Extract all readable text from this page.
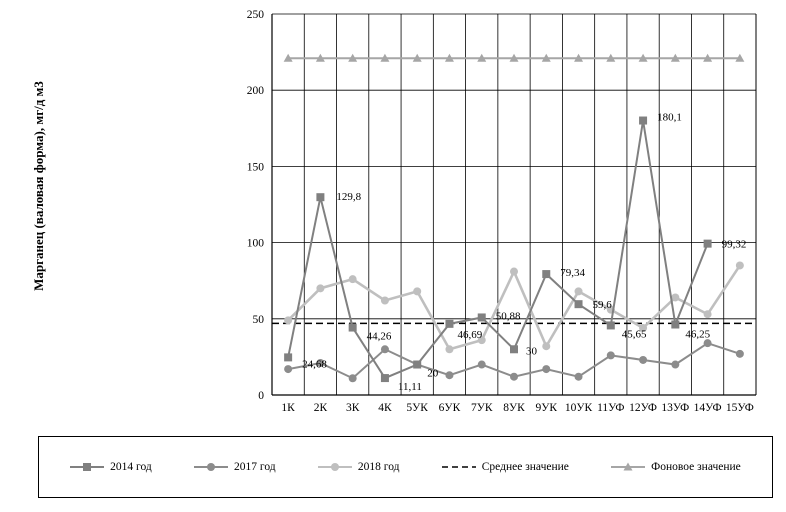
Марганец (валовая форма), мг/д м3
0
50
100
150
200
250
1К 2К 3К 4К 5УК 6УК 7УК 8УК 9УК 10УК 11УФ 12УФ 13УФ 14УФ 15УФ
24,68
129,8
44,26
11,11
20
46,69
50,88
30
79,34
59,6
45,65
180,1
46,25
99,32
2014 год	2017 год	2018 год	Среднее значение	Фоновое значение
